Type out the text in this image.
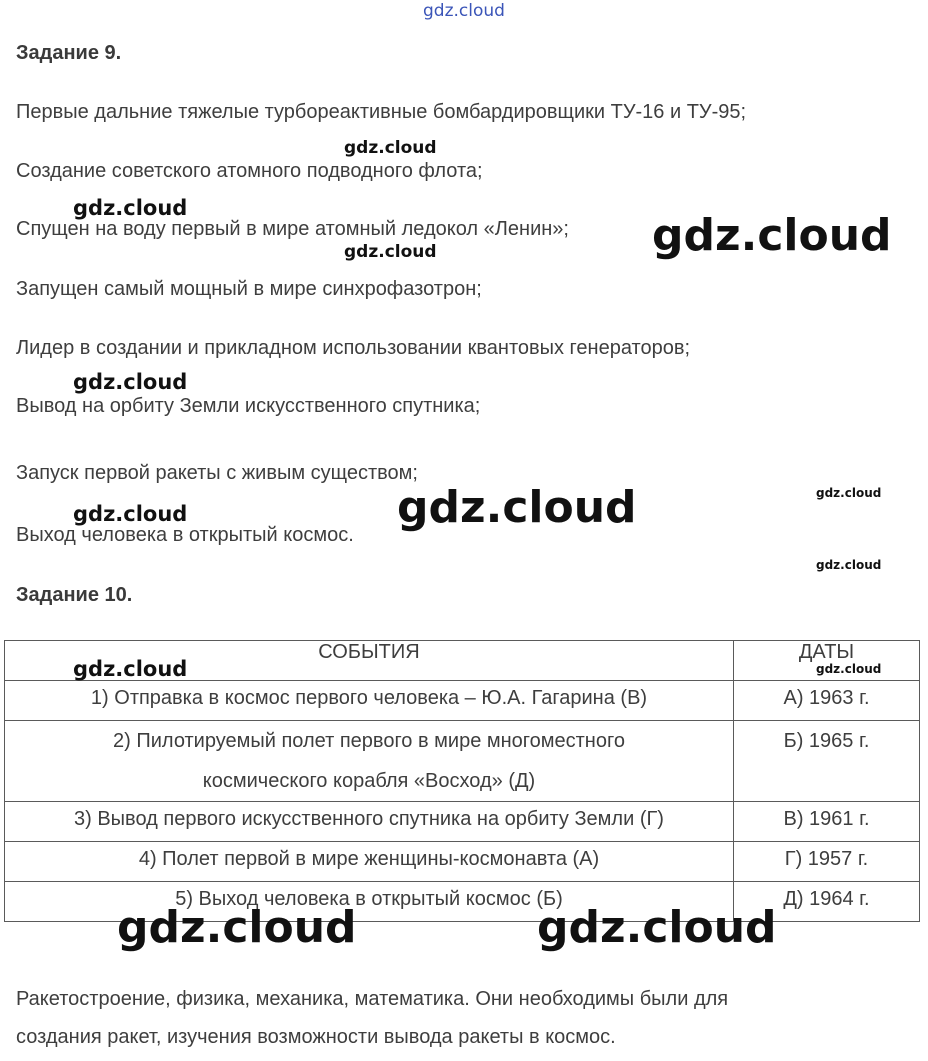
gdz.cloud
Задание 9.
Первые дальние тяжелые турбореактивные бомбардировщики ТУ-16 и ТУ-95;
Создание советского атомного подводного флота;
Спущен на воду первый в мире атомный ледокол «Ленин»;
Запущен самый мощный в мире синхрофазотрон;
Лидер в создании и прикладном использовании квантовых генераторов;
Вывод на орбиту Земли искусственного спутника;
Запуск первой ракеты с живым существом;
Выход человека в открытый космос.
Задание 10.
СОБЫТИЯ	ДАТЫ
1) Отправка в космос первого человека – Ю.А. Гагарина (В)	А) 1963 г.

2) Пилотируемый полет первого в мире многоместного
космического корабля «Восход» (Д)	Б) 1965 г.
3) Вывод первого искусственного спутника на орбиту Земли (Г)	В) 1961 г.
4) Полет первой в мире женщины-космонавта (А)	Г) 1957 г.
5) Выход человека в открытый космос (Б)	Д) 1964 г.
Ракетостроение, физика, механика, математика. Они необходимы были для
создания ракет, изучения возможности вывода ракеты в космос.
gdz.cloud
gdz.cloud
gdz.cloud
gdz.cloud
gdz.cloud
gdz.cloud
gdz.cloud
gdz.cloud
gdz.cloud
gdz.cloud	gdz.cloud
gdz.cloud	gdz.cloud
